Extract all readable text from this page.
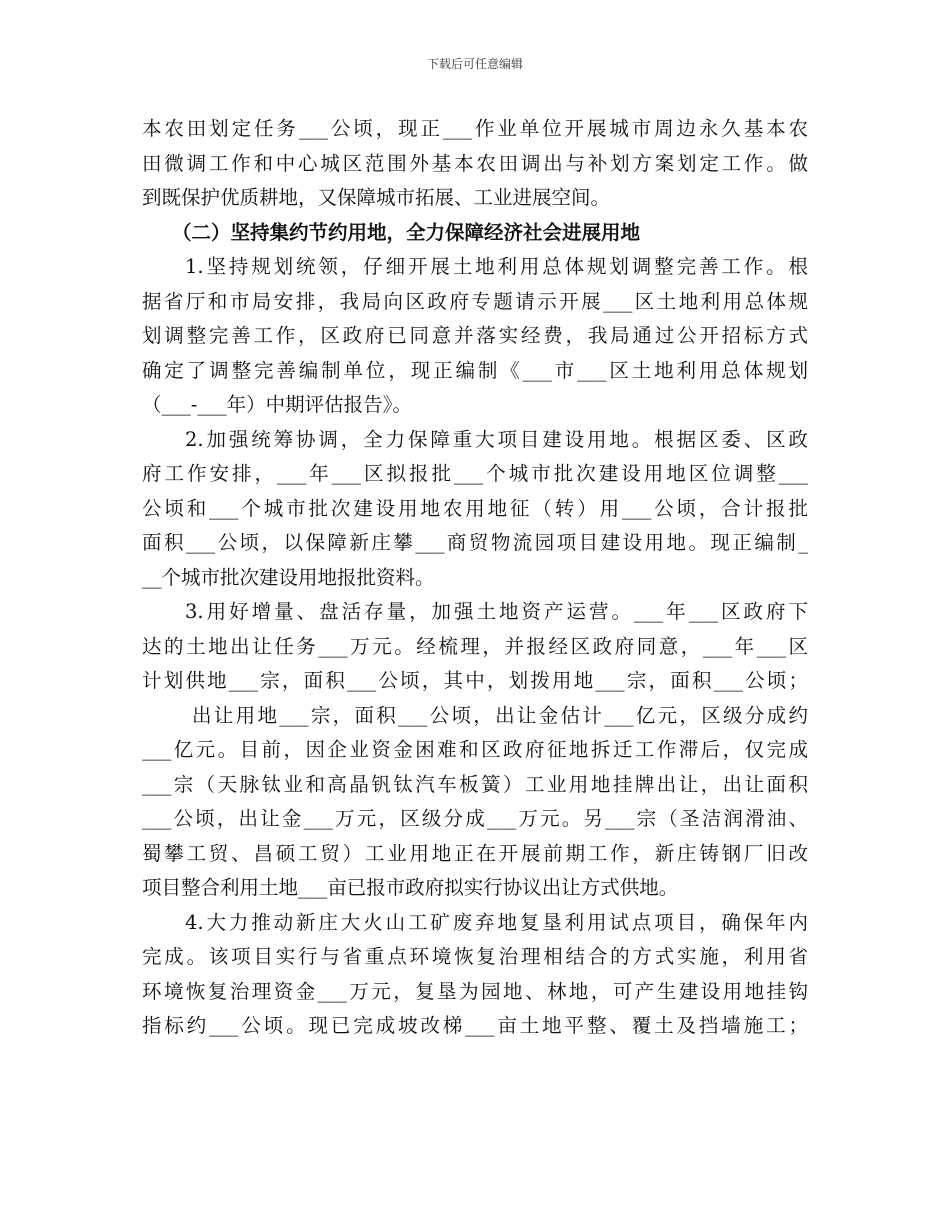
下载后可任意编辑
本农田划定任务___公顷，现正___作业单位开展城市周边永久基本农
田微调工作和中心城区范围外基本农田调出与补划方案划定工作。做
到既保护优质耕地，又保障城市拓展、工业进展空间。
（二）坚持集约节约用地，全力保障经济社会进展用地
1.坚持规划统领，仔细开展土地利用总体规划调整完善工作。根
据省厅和市局安排，我局向区政府专题请示开展___区土地利用总体规
划调整完善工作，区政府已同意并落实经费，我局通过公开招标方式
确定了调整完善编制单位，现正编制《___市___区土地利用总体规划
（___-___年）中期评估报告》。
2.加强统筹协调，全力保障重大项目建设用地。根据区委、区政
府工作安排，___年___区拟报批___个城市批次建设用地区位调整___
公顷和___个城市批次建设用地农用地征（转）用___公顷，合计报批
面积___公顷，以保障新庄攀___商贸物流园项目建设用地。现正编制_
__个城市批次建设用地报批资料。
3.用好增量、盘活存量，加强土地资产运营。___年___区政府下
达的土地出让任务___万元。经梳理，并报经区政府同意，___年___区
计划供地___宗，面积___公顷，其中，划拨用地___宗，面积___公顷；
出让用地___宗，面积___公顷，出让金估计___亿元，区级分成约
___亿元。目前，因企业资金困难和区政府征地拆迁工作滞后，仅完成
___宗（天脉钛业和高晶钒钛汽车板簧）工业用地挂牌出让，出让面积
___公顷，出让金___万元，区级分成___万元。另___宗（圣洁润滑油、
蜀攀工贸、昌硕工贸）工业用地正在开展前期工作，新庄铸钢厂旧改
项目整合利用土地___亩已报市政府拟实行协议出让方式供地。
4.大力推动新庄大火山工矿废弃地复垦利用试点项目，确保年内
完成。该项目实行与省重点环境恢复治理相结合的方式实施，利用省
环境恢复治理资金___万元，复垦为园地、林地，可产生建设用地挂钩
指标约___公顷。现已完成坡改梯___亩土地平整、覆土及挡墙施工；
